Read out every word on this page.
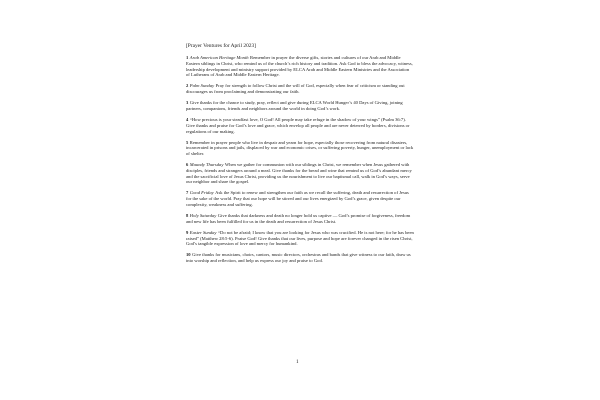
[Prayer Ventures for April 2023]

1 Arab American Heritage Month Remember in prayer the diverse gifts, stories and cultures of our Arab and Middle Eastern siblings in Christ, who remind us of the church’s rich history and tradition. Ask God to bless the advocacy, witness, leadership development and ministry support provided by ELCA Arab and Middle Eastern Ministries and the Association of Lutherans of Arab and Middle Eastern Heritage.

2 Palm Sunday Pray for strength to follow Christ and the will of God, especially when fear of criticism or standing out discourages us from proclaiming and demonstrating our faith.

3 Give thanks for the chance to study, pray, reflect and give during ELCA World Hunger’s 40 Days of Giving, joining partners, companions, friends and neighbors around the world in doing God’s work.

4 “How precious is your steadfast love, O God! All people may take refuge in the shadow of your wings” (Psalm 36:7). Give thanks and praise for God’s love and grace, which envelop all people and are never deterred by borders, divisions or regulations of our making.

5 Remember in prayer people who live in despair and yearn for hope, especially those recovering from natural disasters, incarcerated in prisons and jails, displaced by war and economic crises, or suffering poverty, hunger, unemployment or lack of shelter.

6 Maundy Thursday When we gather for communion with our siblings in Christ, we remember when Jesus gathered with disciples, friends and strangers around a meal. Give thanks for the bread and wine that remind us of God’s abundant mercy and the sacrificial love of Jesus Christ, providing us the nourishment to live our baptismal call, walk in God’s ways, serve our neighbor and share the gospel.

7 Good Friday Ask the Spirit to renew and strengthen our faith as we recall the suffering, death and resurrection of Jesus for the sake of the world. Pray that our hope will be stirred and our lives energized by God’s grace, given despite our complexity, weakness and suffering.

8 Holy Saturday Give thanks that darkness and death no longer hold us captive — God’s promise of forgiveness, freedom and new life has been fulfilled for us in the death and resurrection of Jesus Christ.

9 Easter Sunday “Do not be afraid; I know that you are looking for Jesus who was crucified. He is not here; for he has been raised” (Matthew 28:5-6). Praise God! Give thanks that our lives, purpose and hope are forever changed in the risen Christ, God’s tangible expression of love and mercy for humankind.

10 Give thanks for musicians, choirs, cantors, music directors, orchestras and bands that give witness to our faith, draw us into worship and reflection, and help us express our joy and praise to God.

1
